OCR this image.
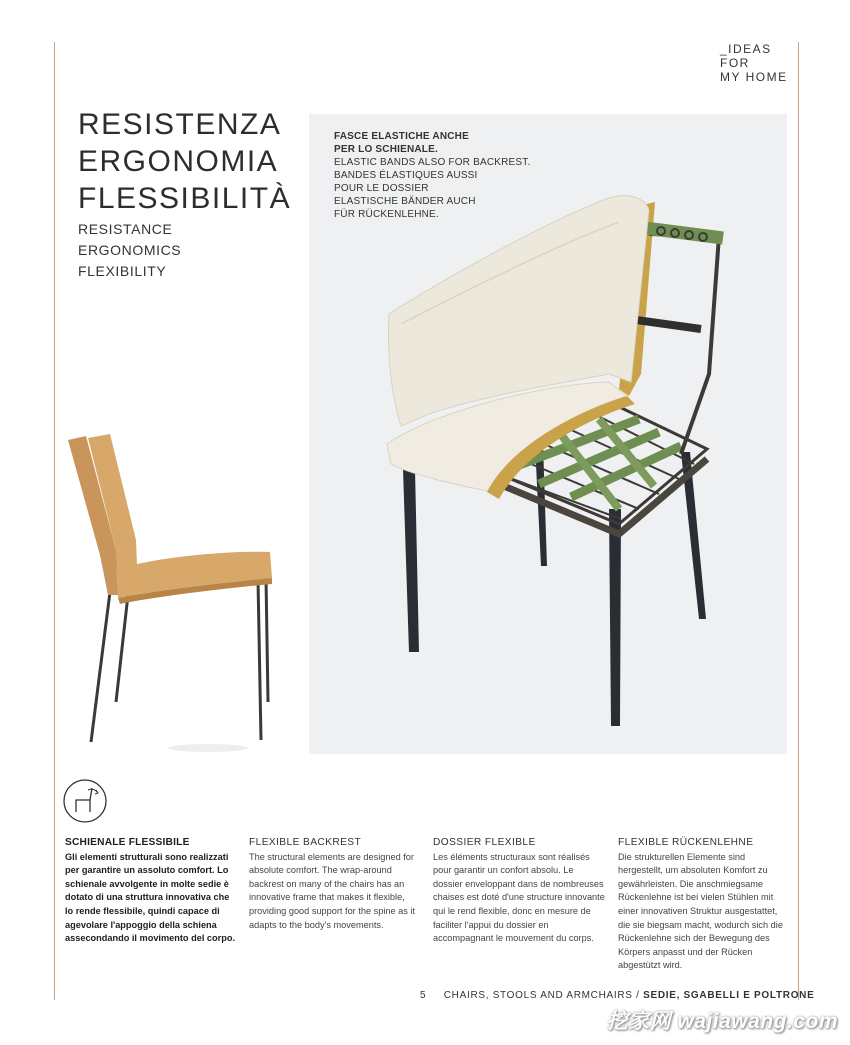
_IDEAS
FOR
MY HOME
RESISTENZA
ERGONOMIA
FLESSIBILITÀ
RESISTANCE
ERGONOMICS
FLEXIBILITY
FASCE ELASTICHE ANCHE
PER LO SCHIENALE.
ELASTIC BANDS ALSO FOR BACKREST.
BANDES ÉLASTIQUES AUSSI
POUR LE DOSSIER
ELASTISCHE BÄNDER AUCH
FÜR RÜCKENLEHNE.
SCHIENALE FLESSIBILE
Gli elementi strutturali sono realizzati per garantire un assoluto comfort. Lo schienale avvolgente in molte sedie è dotato di una struttura innovativa che lo rende flessibile, quindi capace di agevolare l'appoggio della schiena assecondando il movimento del corpo.
FLEXIBLE BACKREST
The structural elements are designed for absolute comfort. The wrap-around backrest on many of the chairs has an innovative frame that makes it flexible, providing good support for the spine as it adapts to the body's movements.
DOSSIER FLEXIBLE
Les éléments structuraux sont réalisés pour garantir un confort absolu. Le dossier enveloppant dans de nombreuses chaises est doté d'une structure innovante qui le rend flexible, donc en mesure de faciliter l'appui du dossier en accompagnant le mouvement du corps.
FLEXIBLE RÜCKENLEHNE
Die strukturellen Elemente sind hergestellt, um absoluten Komfort zu gewährleisten. Die anschmiegsame Rückenlehne ist bei vielen Stühlen mit einer innovativen Struktur ausgestattet, die sie biegsam macht, wodurch sich die Rückenlehne sich der Bewegung des Körpers anpasst und der Rücken abgestützt wird.
5 CHAIRS, STOOLS AND ARMCHAIRS / SEDIE, SGABELLI E POLTRONE
挖家网 wajiawang.com
